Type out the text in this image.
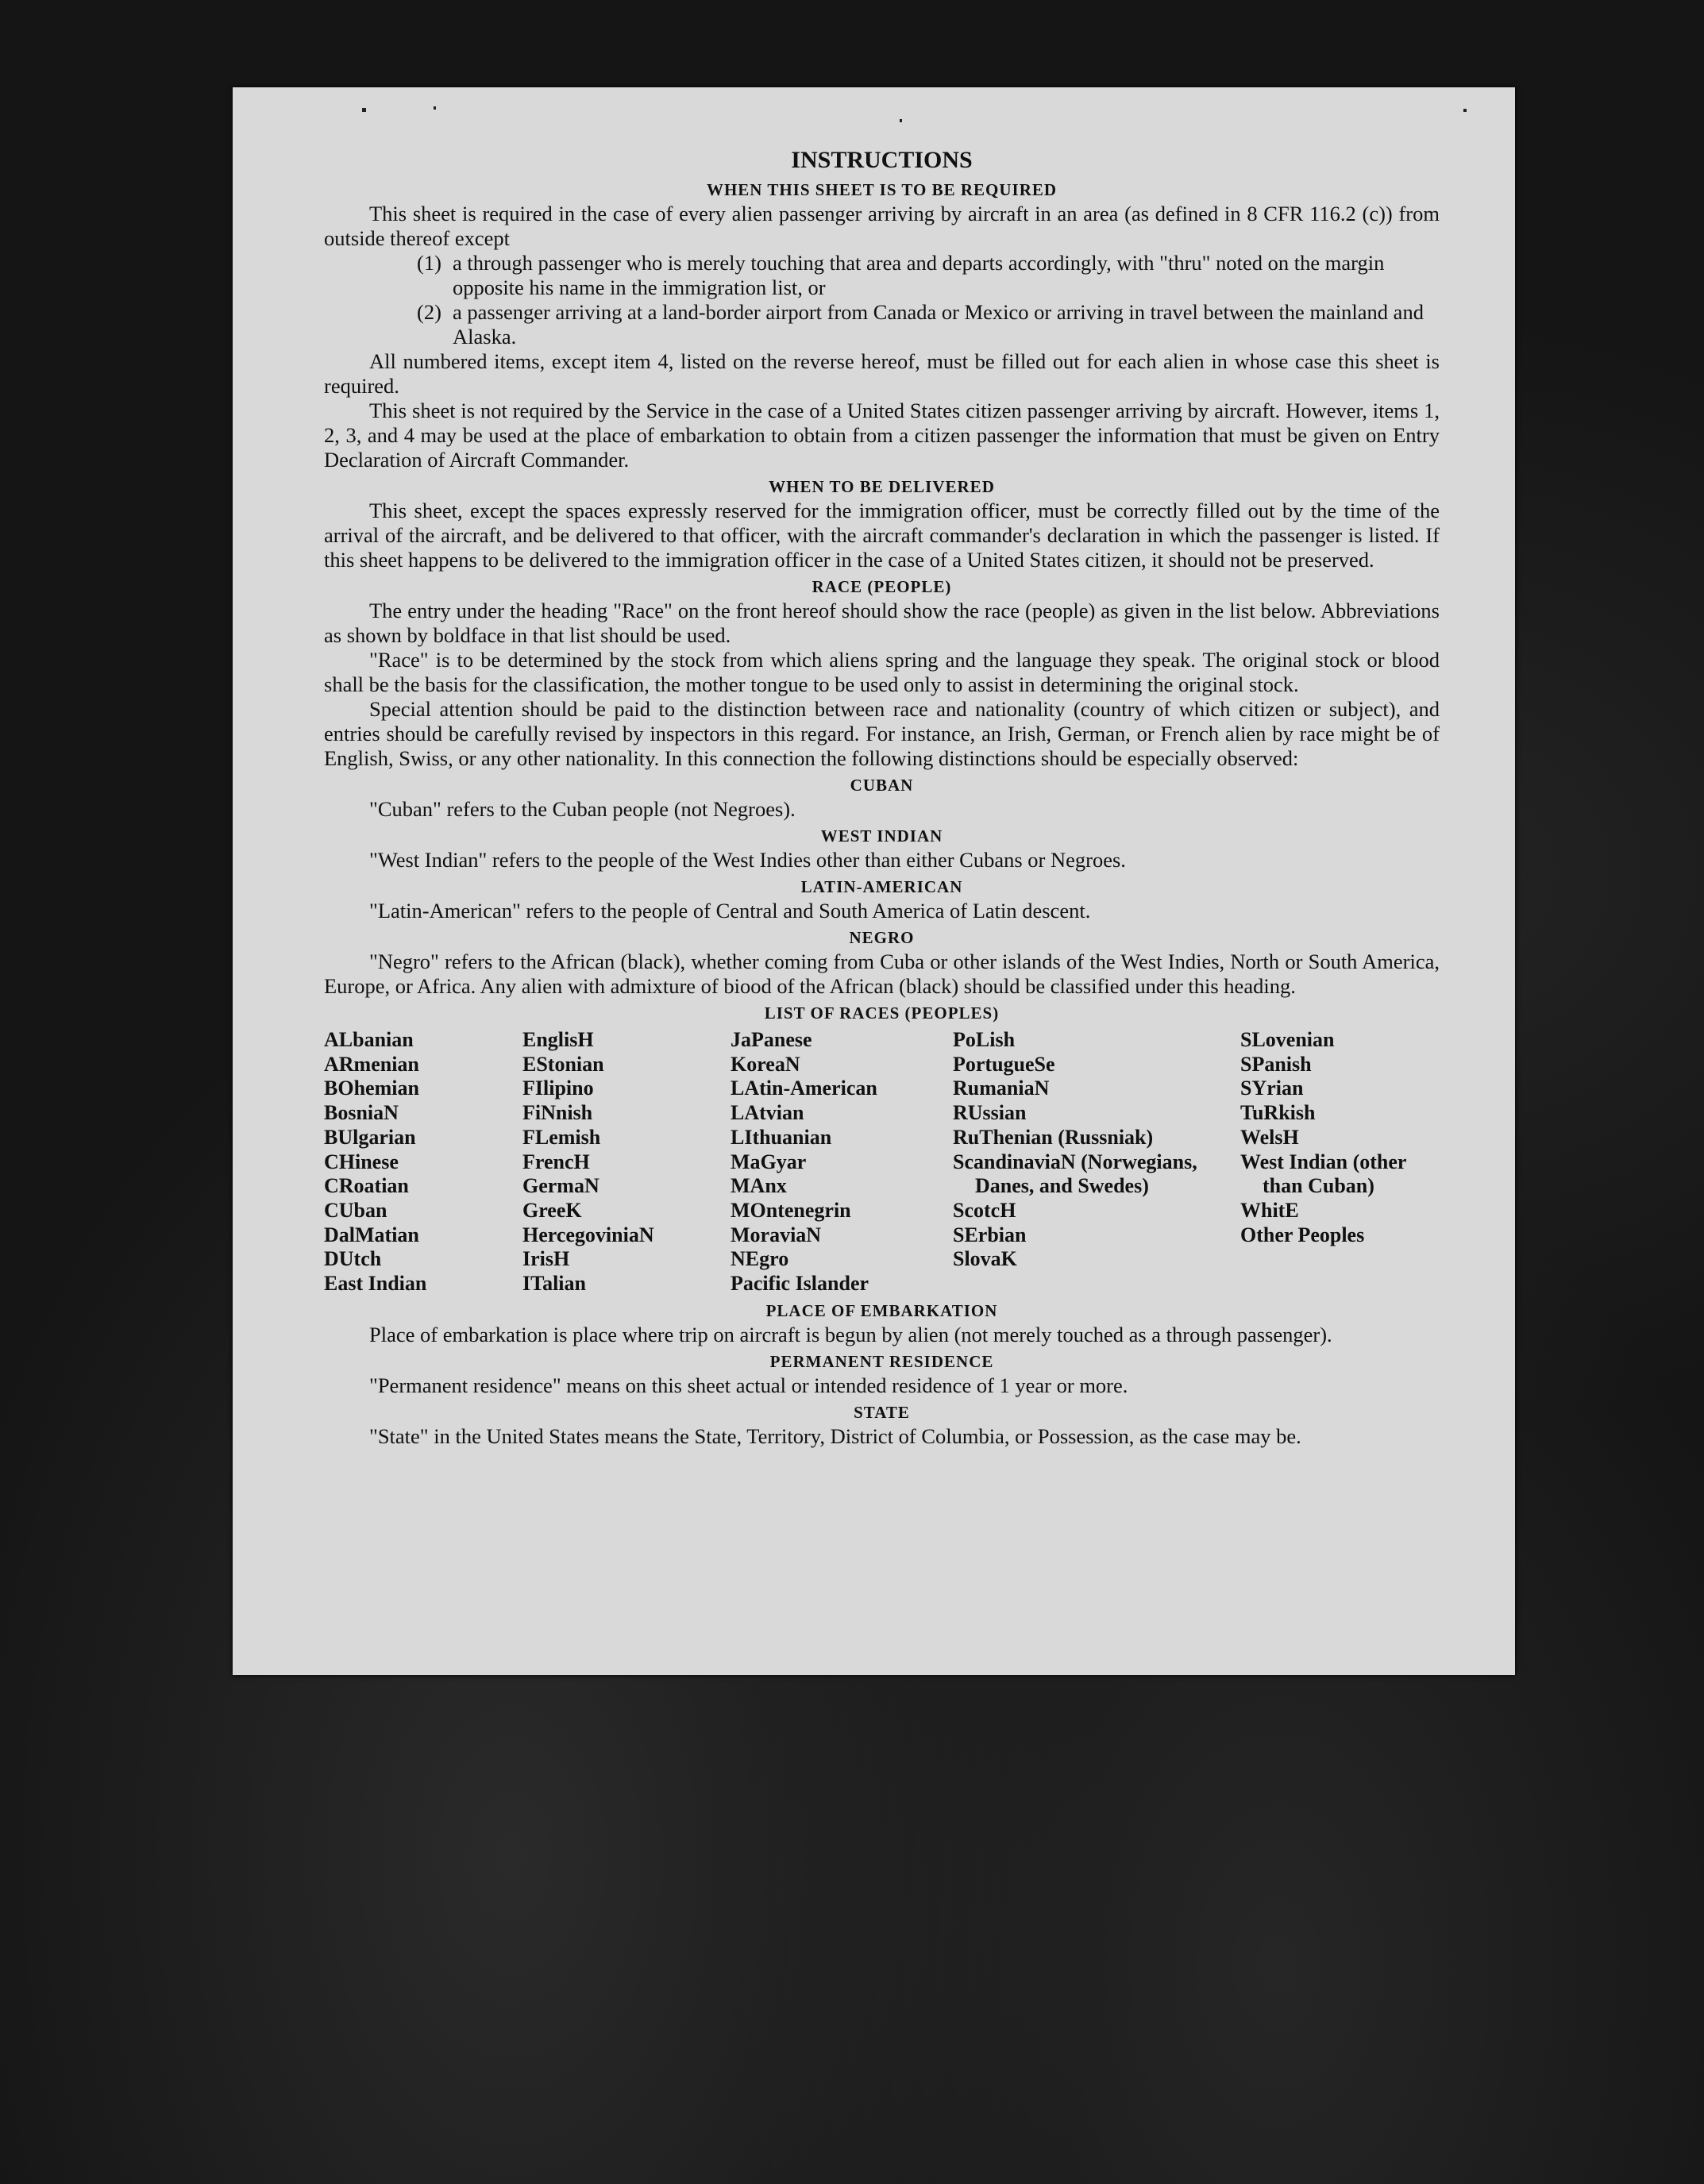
INSTRUCTIONS
WHEN THIS SHEET IS TO BE REQUIRED

This sheet is required in the case of every alien passenger arriving by aircraft in an area (as defined in 8 CFR 116.2 (c)) from outside thereof except

(1) a through passenger who is merely touching that area and departs accordingly, with "thru" noted on the margin opposite his name in the immigration list, or
(2) a passenger arriving at a land-border airport from Canada or Mexico or arriving in travel between the mainland and Alaska.

All numbered items, except item 4, listed on the reverse hereof, must be filled out for each alien in whose case this sheet is required.

This sheet is not required by the Service in the case of a United States citizen passenger arriving by aircraft. However, items 1, 2, 3, and 4 may be used at the place of embarkation to obtain from a citizen passenger the information that must be given on Entry Declaration of Aircraft Commander.

WHEN TO BE DELIVERED

This sheet, except the spaces expressly reserved for the immigration officer, must be correctly filled out by the time of the arrival of the aircraft, and be delivered to that officer, with the aircraft commander's declaration in which the passenger is listed. If this sheet happens to be delivered to the immigration officer in the case of a United States citizen, it should not be preserved.

RACE (PEOPLE)

The entry under the heading "Race" on the front hereof should show the race (people) as given in the list below. Abbreviations as shown by boldface in that list should be used.

"Race" is to be determined by the stock from which aliens spring and the language they speak. The original stock or blood shall be the basis for the classification, the mother tongue to be used only to assist in determining the original stock.

Special attention should be paid to the distinction between race and nationality (country of which citizen or subject), and entries should be carefully revised by inspectors in this regard. For instance, an Irish, German, or French alien by race might be of English, Swiss, or any other nationality. In this connection the following distinctions should be especially observed:

CUBAN

"Cuban" refers to the Cuban people (not Negroes).

WEST INDIAN

"West Indian" refers to the people of the West Indies other than either Cubans or Negroes.

LATIN-AMERICAN

"Latin-American" refers to the people of Central and South America of Latin descent.

NEGRO

"Negro" refers to the African (black), whether coming from Cuba or other islands of the West Indies, North or South America, Europe, or Africa. Any alien with admixture of biood of the African (black) should be classified under this heading.

LIST OF RACES (PEOPLES)
ALbanian
ARmenian
BOhemian
BosniaN
BUlgarian
CHinese
CRoatian
CUban
DalMatian
DUtch
East Indian
EnglisH
EStonian
FIlipino
FiNnish
FLemish
FrencH
GermaN
GreeK
HercegoviniaN
IrisH
ITalian
JaPanese
KoreaN
LAtin-American
LAtvian
LIthuanian
MaGyar
MAnx
MOntenegrin
MoraviaN
NEgro
Pacific Islander
PoLish
PortugueSe
RumaniaN
RUssian
RuThenian (Russniak)
ScandinaviaN (Norwegians, Danes, and Swedes)
ScotcH
SErbian
SlovaK
SLovenian
SPanish
SYrian
TuRkish
WelsH
West Indian (other than Cuban)
WhitE
Other Peoples
PLACE OF EMBARKATION

Place of embarkation is place where trip on aircraft is begun by alien (not merely touched as a through passenger).

PERMANENT RESIDENCE

"Permanent residence" means on this sheet actual or intended residence of 1 year or more.

STATE

"State" in the United States means the State, Territory, District of Columbia, or Possession, as the case may be.
